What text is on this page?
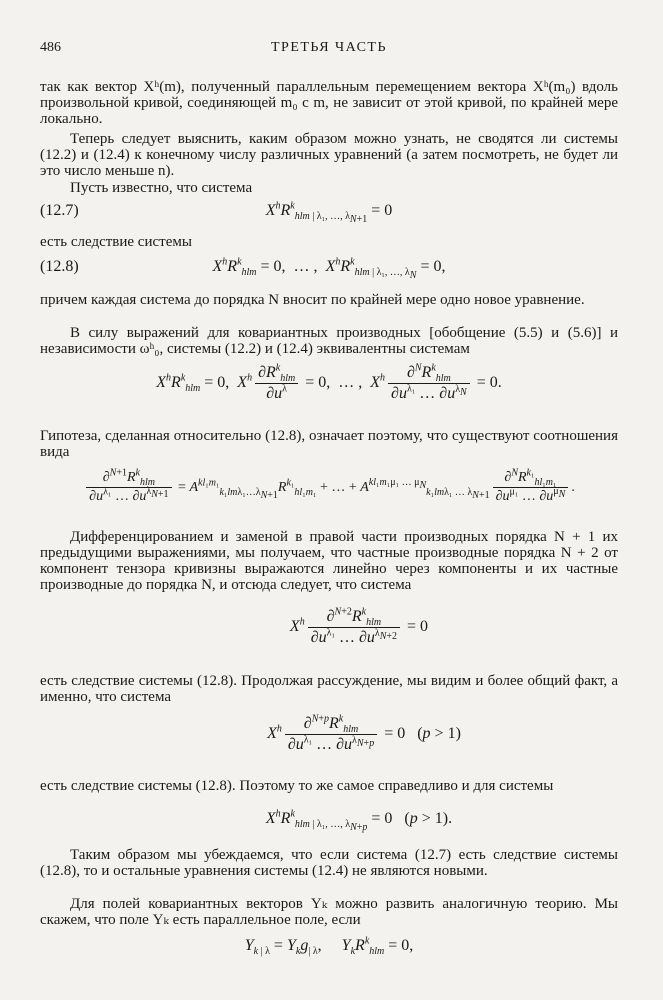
486	ТРЕТЬЯ ЧАСТЬ

так как вектор Xʰ(m), полученный параллельным перемещением вектора Xʰ(m₀) вдоль произвольной кривой, соединяющей m₀ с m, не зависит от этой кривой, по крайней мере локально.

Теперь следует выяснить, каким образом можно узнать, не сводятся ли системы (12.2) и (12.4) к конечному числу различных уравнений (а затем посмотреть, не будет ли это число меньше n).

Пусть известно, что система

(12.7)	$X^hR^k_{hlm | \lambda_1, \dots, \lambda_{N+1}} = 0$

есть следствие системы

(12.8)	$X^hR^k_{hlm} = 0$,  … ,  $X^hR^k_{hlm | \lambda_1, \dots, \lambda_N} = 0$,

причем каждая система до порядка N вносит по крайней мере одно новое уравнение.

В силу выражений для ковариантных производных [обобщение (5.5) и (5.6)] и независимости ωʰ₀, системы (12.2) и (12.4) эквивалентны системам

$X^hR^k_{hlm} = 0$,  $X^h \frac{\partial R^k_{hlm}}{\partial u^\lambda} = 0$,  … ,  $X^h \frac{\partial^NR^k_{hlm}}{\partial u^{\lambda_1} \dots \partial u^{\lambda_N}} = 0$.

Гипотеза, сделанная относительно (12.8), означает поэтому, что существуют соотношения вида

$\frac{\partial^{N+1}R^k_{hlm}}{\partial u^{\lambda_1} \dots \partial u^{\lambda_{N+1}}} = A^{kl_1m_1}_{k_1lm\lambda_1\dots\lambda_{N+1}}R^{k_1}_{hl_1m_1}$ + … + $A^{kl_1m_1\mu_1 \dots \mu_N}_{k_1lm\lambda_1 \dots \lambda_{N+1}} \frac{\partial^NR^{k_1}_{hl_1m_1}}{\partial u^{\mu_1} \dots \partial u^{\mu_N}}$ .

Дифференцированием и заменой в правой части производных порядка N + 1 их предыдущими выражениями, мы получаем, что частные производные порядка N + 2 от компонент тензора кривизны выражаются линейно через компоненты и их частные производные до порядка N, и отсюда следует, что система

$X^h \frac{\partial^{N+2}R^k_{hlm}}{\partial u^{\lambda_1} \dots \partial u^{\lambda_{N+2}}} = 0$

есть следствие системы (12.8). Продолжая рассуждение, мы видим и более общий факт, а именно, что система

$X^h \frac{\partial^{N+p}R^k_{hlm}}{\partial u^{\lambda_1} \dots \partial u^{\lambda_{N+p}}} = 0$   (p > 1)

есть следствие системы (12.8). Поэтому то же самое справедливо и для системы

$X^hR^k_{hlm | \lambda_1, \dots, \lambda_{N+p}} = 0$   (p > 1).

Таким образом мы убеждаемся, что если система (12.7) есть следствие системы (12.8), то и остальные уравнения системы (12.4) не являются новыми.

Для полей ковариантных векторов Yₖ можно развить аналогичную теорию. Мы скажем, что поле Yₖ есть параллельное поле, если

$Y_{k | \lambda} = Y_kg_{| \lambda}$,     $Y_kR^k_{hlm} = 0$,
